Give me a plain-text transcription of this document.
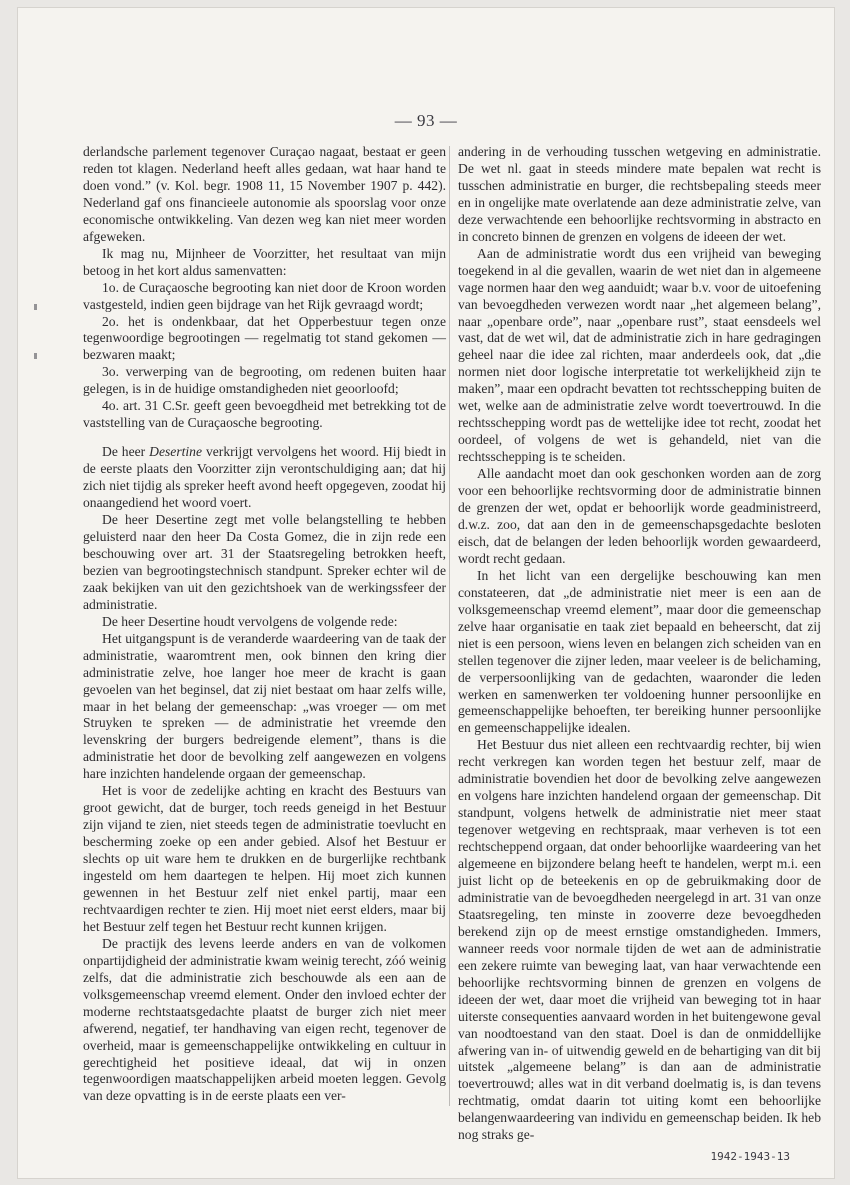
— 93 —

derlandsche parlement tegenover Curaçao nagaat, bestaat er geen reden tot klagen. Nederland heeft alles gedaan, wat haar hand te doen vond.” (v. Kol. begr. 1908 11, 15 November 1907 p. 442). Nederland gaf ons financieele autonomie als spoorslag voor onze economische ontwikkeling. Van dezen weg kan niet meer worden afgeweken.

Ik mag nu, Mijnheer de Voorzitter, het resultaat van mijn betoog in het kort aldus samenvatten:

1o. de Curaçaosche begrooting kan niet door de Kroon worden vastgesteld, indien geen bijdrage van het Rijk gevraagd wordt;

2o. het is ondenkbaar, dat het Opperbestuur tegen onze tegenwoordige begrootingen — regelmatig tot stand gekomen — bezwaren maakt;

3o. verwerping van de begrooting, om redenen buiten haar gelegen, is in de huidige omstandigheden niet geoorloofd;

4o. art. 31 C.Sr. geeft geen bevoegdheid met betrekking tot de vaststelling van de Curaçaosche begrooting.

De heer Desertine verkrijgt vervolgens het woord. Hij biedt in de eerste plaats den Voorzitter zijn verontschuldiging aan; dat hij zich niet tijdig als spreker heeft avond heeft opgegeven, zoodat hij onaangediend het woord voert.

De heer Desertine zegt met volle belangstelling te hebben geluisterd naar den heer Da Costa Gomez, die in zijn rede een beschouwing over art. 31 der Staatsregeling betrokken heeft, bezien van begrootingstechnisch standpunt. Spreker echter wil de zaak bekijken van uit den gezichtshoek van de werkingssfeer der administratie.

De heer Desertine houdt vervolgens de volgende rede:

Het uitgangspunt is de veranderde waardeering van de taak der administratie, waaromtrent men, ook binnen den kring dier administratie zelve, hoe langer hoe meer de kracht is gaan gevoelen van het beginsel, dat zij niet bestaat om haar zelfs wille, maar in het belang der gemeenschap: „was vroeger — om met Struyken te spreken — de administratie het vreemde den levenskring der burgers bedreigende element”, thans is die administratie het door de bevolking zelf aangewezen en volgens hare inzichten handelende orgaan der gemeenschap.

Het is voor de zedelijke achting en kracht des Bestuurs van groot gewicht, dat de burger, toch reeds geneigd in het Bestuur zijn vijand te zien, niet steeds tegen de administratie toevlucht en bescherming zoeke op een ander gebied. Alsof het Bestuur er slechts op uit ware hem te drukken en de burgerlijke rechtbank ingesteld om hem daartegen te helpen. Hij moet zich kunnen gewennen in het Bestuur zelf niet enkel partij, maar een rechtvaardigen rechter te zien. Hij moet niet eerst elders, maar bij het Bestuur zelf tegen het Bestuur recht kunnen krijgen.

De practijk des levens leerde anders en van de volkomen onpartijdigheid der administratie kwam weinig terecht, zóó weinig zelfs, dat die administratie zich beschouwde als een aan de volksgemeenschap vreemd element. Onder den invloed echter der moderne rechtstaatsgedachte plaatst de burger zich niet meer afwerend, negatief, ter handhaving van eigen recht, tegenover de overheid, maar is gemeenschappelijke ontwikkeling en cultuur in gerechtigheid het positieve ideaal, dat wij in onzen tegenwoordigen maatschappelijken arbeid moeten leggen. Gevolg van deze opvatting is in de eerste plaats een ver-

andering in de verhouding tusschen wetgeving en administratie. De wet nl. gaat in steeds mindere mate bepalen wat recht is tusschen administratie en burger, die rechtsbepaling steeds meer en in ongelijke mate overlatende aan deze administratie zelve, van deze verwachtende een behoorlijke rechtsvorming in abstracto en in concreto binnen de grenzen en volgens de ideeen der wet.

Aan de administratie wordt dus een vrijheid van beweging toegekend in al die gevallen, waarin de wet niet dan in algemeene vage normen haar den weg aanduidt; waar b.v. voor de uitoefening van bevoegdheden verwezen wordt naar „het algemeen belang”, naar „openbare orde”, naar „openbare rust”, staat eensdeels wel vast, dat de wet wil, dat de administratie zich in hare gedragingen geheel naar die idee zal richten, maar anderdeels ook, dat „die normen niet door logische interpretatie tot werkelijkheid zijn te maken”, maar een opdracht bevatten tot rechtsschepping buiten de wet, welke aan de administratie zelve wordt toevertrouwd. In die rechtsschepping wordt pas de wettelijke idee tot recht, zoodat het oordeel, of volgens de wet is gehandeld, niet van die rechtsschepping is te scheiden.

Alle aandacht moet dan ook geschonken worden aan de zorg voor een behoorlijke rechtsvorming door de administratie binnen de grenzen der wet, opdat er behoorlijk worde geadministreerd, d.w.z. zoo, dat aan den in de gemeenschapsgedachte besloten eisch, dat de belangen der leden behoorlijk worden gewaardeerd, wordt recht gedaan.

In het licht van een dergelijke beschouwing kan men constateeren, dat „de administratie niet meer is een aan de volksgemeenschap vreemd element”, maar door die gemeenschap zelve haar organisatie en taak ziet bepaald en beheerscht, dat zij niet is een persoon, wiens leven en belangen zich scheiden van en stellen tegenover die zijner leden, maar veeleer is de belichaming, de verpersoonlijking van de gedachten, waaronder die leden werken en samenwerken ter voldoening hunner persoonlijke en gemeenschappelijke behoeften, ter bereiking hunner persoonlijke en gemeenschappelijke idealen.

Het Bestuur dus niet alleen een rechtvaardig rechter, bij wien recht verkregen kan worden tegen het bestuur zelf, maar de administratie bovendien het door de bevolking zelve aangewezen en volgens hare inzichten handelend orgaan der gemeenschap. Dit standpunt, volgens hetwelk de administratie niet meer staat tegenover wetgeving en rechtspraak, maar verheven is tot een rechtscheppend orgaan, dat onder behoorlijke waardeering van het algemeene en bijzondere belang heeft te handelen, werpt m.i. een juist licht op de beteekenis en op de gebruikmaking door de administratie van de bevoegdheden neergelegd in art. 31 van onze Staatsregeling, ten minste in zooverre deze bevoegdheden berekend zijn op de meest ernstige omstandigheden. Immers, wanneer reeds voor normale tijden de wet aan de administratie een zekere ruimte van beweging laat, van haar verwachtende een behoorlijke rechtsvorming binnen de grenzen en volgens de ideeen der wet, daar moet die vrijheid van beweging tot in haar uiterste consequenties aanvaard worden in het buitengewone geval van noodtoestand van den staat. Doel is dan de onmiddellijke afwering van in- of uitwendig geweld en de behartiging van dit bij uitstek „algemeene belang” is dan aan de administratie toevertrouwd; alles wat in dit verband doelmatig is, is dan tevens rechtmatig, omdat daarin tot uiting komt een behoorlijke belangenwaardeering van individu en gemeenschap beiden. Ik heb nog straks ge-

1942-1943-13
